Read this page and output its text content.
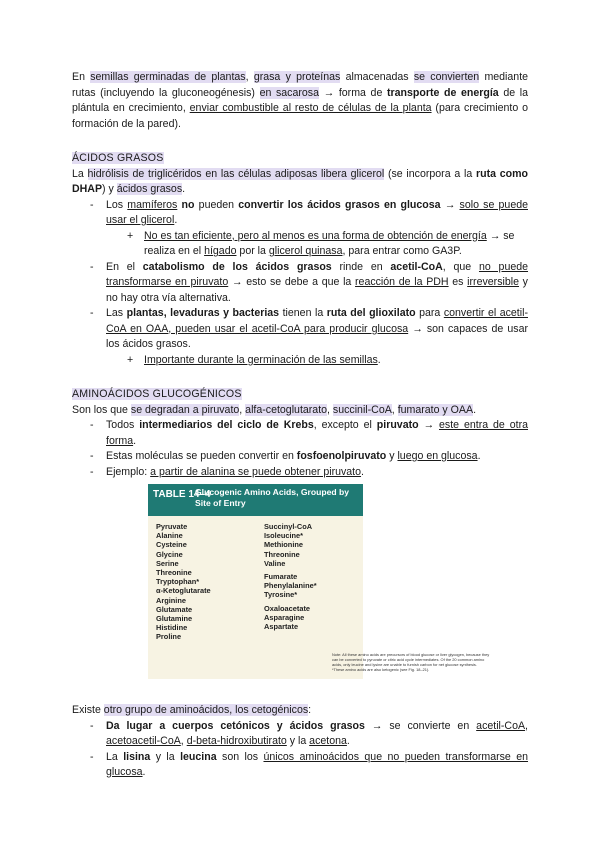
En semillas germinadas de plantas, grasa y proteínas almacenadas se convierten mediante rutas (incluyendo la gluconeogénesis) en sacarosa → forma de transporte de energía de la plántula en crecimiento, enviar combustible al resto de células de la planta (para crecimiento o formación de la pared).

ÁCIDOS GRASOS

La hidrólisis de triglicéridos en las células adiposas libera glicerol (se incorpora a la ruta como DHAP) y ácidos grasos.

- Los mamíferos no pueden convertir los ácidos grasos en glucosa → solo se puede usar el glicerol.
+ No es tan eficiente, pero al menos es una forma de obtención de energía → se realiza en el hígado por la glicerol quinasa, para entrar como GA3P.
- En el catabolismo de los ácidos grasos rinde en acetil-CoA, que no puede transformarse en piruvato → esto se debe a que la reacción de la PDH es irreversible y no hay otra vía alternativa.
- Las plantas, levaduras y bacterias tienen la ruta del glioxilato para convertir el acetil-CoA en OAA, pueden usar el acetil-CoA para producir glucosa → son capaces de usar los ácidos grasos.
+ Importante durante la germinación de las semillas.

AMINOÁCIDOS GLUCOGÉNICOS

Son los que se degradan a piruvato, alfa-cetoglutarato, succinil-CoA, fumarato y OAA.

- Todos intermediarios del ciclo de Krebs, excepto el piruvato → este entra de otra forma.
- Estas moléculas se pueden convertir en fosfoenolpiruvato y luego en glucosa.
- Ejemplo: a partir de alanina se puede obtener piruvato.
TABLE 14–4
Glucogenic Amino Acids, Grouped by Site of Entry
Pyruvate
Alanine
Cysteine
Glycine
Serine
Threonine
Tryptophan*
α-Ketoglutarate
Arginine
Glutamate
Glutamine
Histidine
Proline
Succinyl-CoA
Isoleucine*
Methionine
Threonine
Valine
Fumarate
Phenylalanine*
Tyrosine*
Oxaloacetate
Asparagine
Aspartate
Note: All these amino acids are precursors of blood glucose or liver glycogen, because they can be converted to pyruvate or citric acid cycle intermediates. Of the 20 common amino acids, only leucine and lysine are unable to furnish carbon for net glucose synthesis.
*These amino acids are also ketogenic (see Fig. 18–21).

Existe otro grupo de aminoácidos, los cetogénicos:

- Da lugar a cuerpos cetónicos y ácidos grasos → se convierte en acetil-CoA, acetoacetil-CoA, d-beta-hidroxibutirato y la acetona.
- La lisina y la leucina son los únicos aminoácidos que no pueden transformarse en glucosa.
